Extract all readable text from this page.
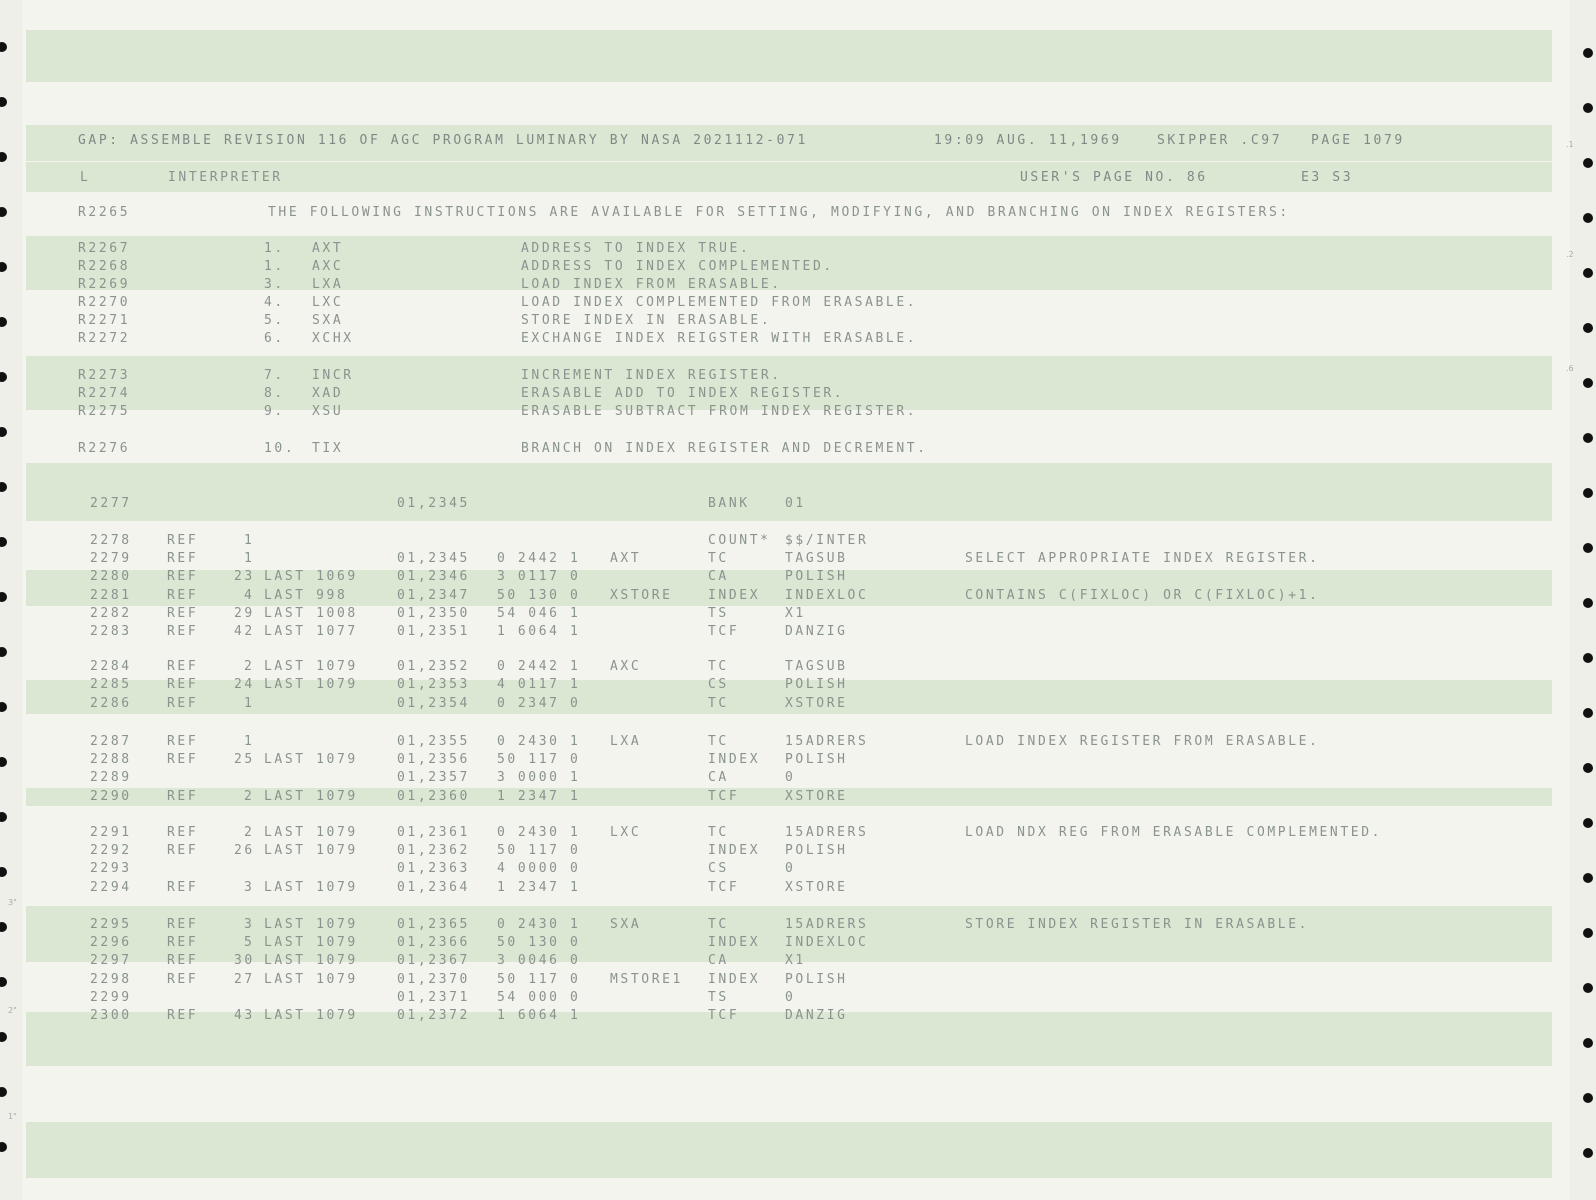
.1
.2
.6
3"
2"
1"
GAP: ASSEMBLE REVISION 116 OF AGC PROGRAM LUMINARY BY NASA 2021112-071	19:09 AUG. 11,1969	SKIPPER .C97 PAGE 1079
L	INTERPRETER	USER'S PAGE NO. 86	E3 S3
R2265	THE FOLLOWING INSTRUCTIONS ARE AVAILABLE FOR SETTING, MODIFYING, AND BRANCHING ON INDEX REGISTERS:
R2267	1. AXT	ADDRESS TO INDEX TRUE.
R2268	1. AXC	ADDRESS TO INDEX COMPLEMENTED.
R2269	3. LXA	LOAD INDEX FROM ERASABLE.
R2270	4. LXC	LOAD INDEX COMPLEMENTED FROM ERASABLE.
R2271	5. SXA	STORE INDEX IN ERASABLE.
R2272	6. XCHX	EXCHANGE INDEX REIGSTER WITH ERASABLE.
R2273	7. INCR	INCREMENT INDEX REGISTER.
R2274	8. XAD	ERASABLE ADD TO INDEX REGISTER.
R2275	9. XSU	ERASABLE SUBTRACT FROM INDEX REGISTER.
R2276	10. TIX	BRANCH ON INDEX REGISTER AND DECREMENT.
2277	01,2345	BANK	01
2278	REF	1	COUNT* $$/INTER
2279	REF	1	01,2345 0 2442 1 AXT	TC	TAGSUB	SELECT APPROPRIATE INDEX REGISTER.
2280	REF	23 LAST 1069	01,2346 3 0117 0	CA	POLISH
2281	REF	4 LAST 998	01,2347 50 130 0 XSTORE	INDEX INDEXLOC	CONTAINS C(FIXLOC) OR C(FIXLOC)+1.
2282	REF	29 LAST 1008	01,2350 54 046 1	TS	X1
2283	REF	42 LAST 1077	01,2351 1 6064 1	TCF	DANZIG
2284	REF	2 LAST 1079	01,2352 0 2442 1 AXC	TC	TAGSUB
2285	REF	24 LAST 1079	01,2353 4 0117 1	CS	POLISH
2286	REF	1	01,2354 0 2347 0	TC	XSTORE
2287	REF	1	01,2355 0 2430 1 LXA	TC	15ADRERS	LOAD INDEX REGISTER FROM ERASABLE.
2288	REF	25 LAST 1079	01,2356 50 117 0	INDEX POLISH
2289	01,2357 3 0000 1	CA	0
2290	REF	2 LAST 1079	01,2360 1 2347 1	TCF	XSTORE
2291	REF	2 LAST 1079	01,2361 0 2430 1 LXC	TC	15ADRERS	LOAD NDX REG FROM ERASABLE COMPLEMENTED.
2292	REF	26 LAST 1079	01,2362 50 117 0	INDEX POLISH
2293	01,2363 4 0000 0	CS	0
2294	REF	3 LAST 1079	01,2364 1 2347 1	TCF	XSTORE
2295	REF	3 LAST 1079	01,2365 0 2430 1 SXA	TC	15ADRERS	STORE INDEX REGISTER IN ERASABLE.
2296	REF	5 LAST 1079	01,2366 50 130 0	INDEX INDEXLOC
2297	REF	30 LAST 1079	01,2367 3 0046 0	CA	X1
2298	REF	27 LAST 1079	01,2370 50 117 0 MSTORE1 INDEX POLISH
2299	01,2371 54 000 0	TS	0
2300	REF	43 LAST 1079	01,2372 1 6064 1	TCF	DANZIG
